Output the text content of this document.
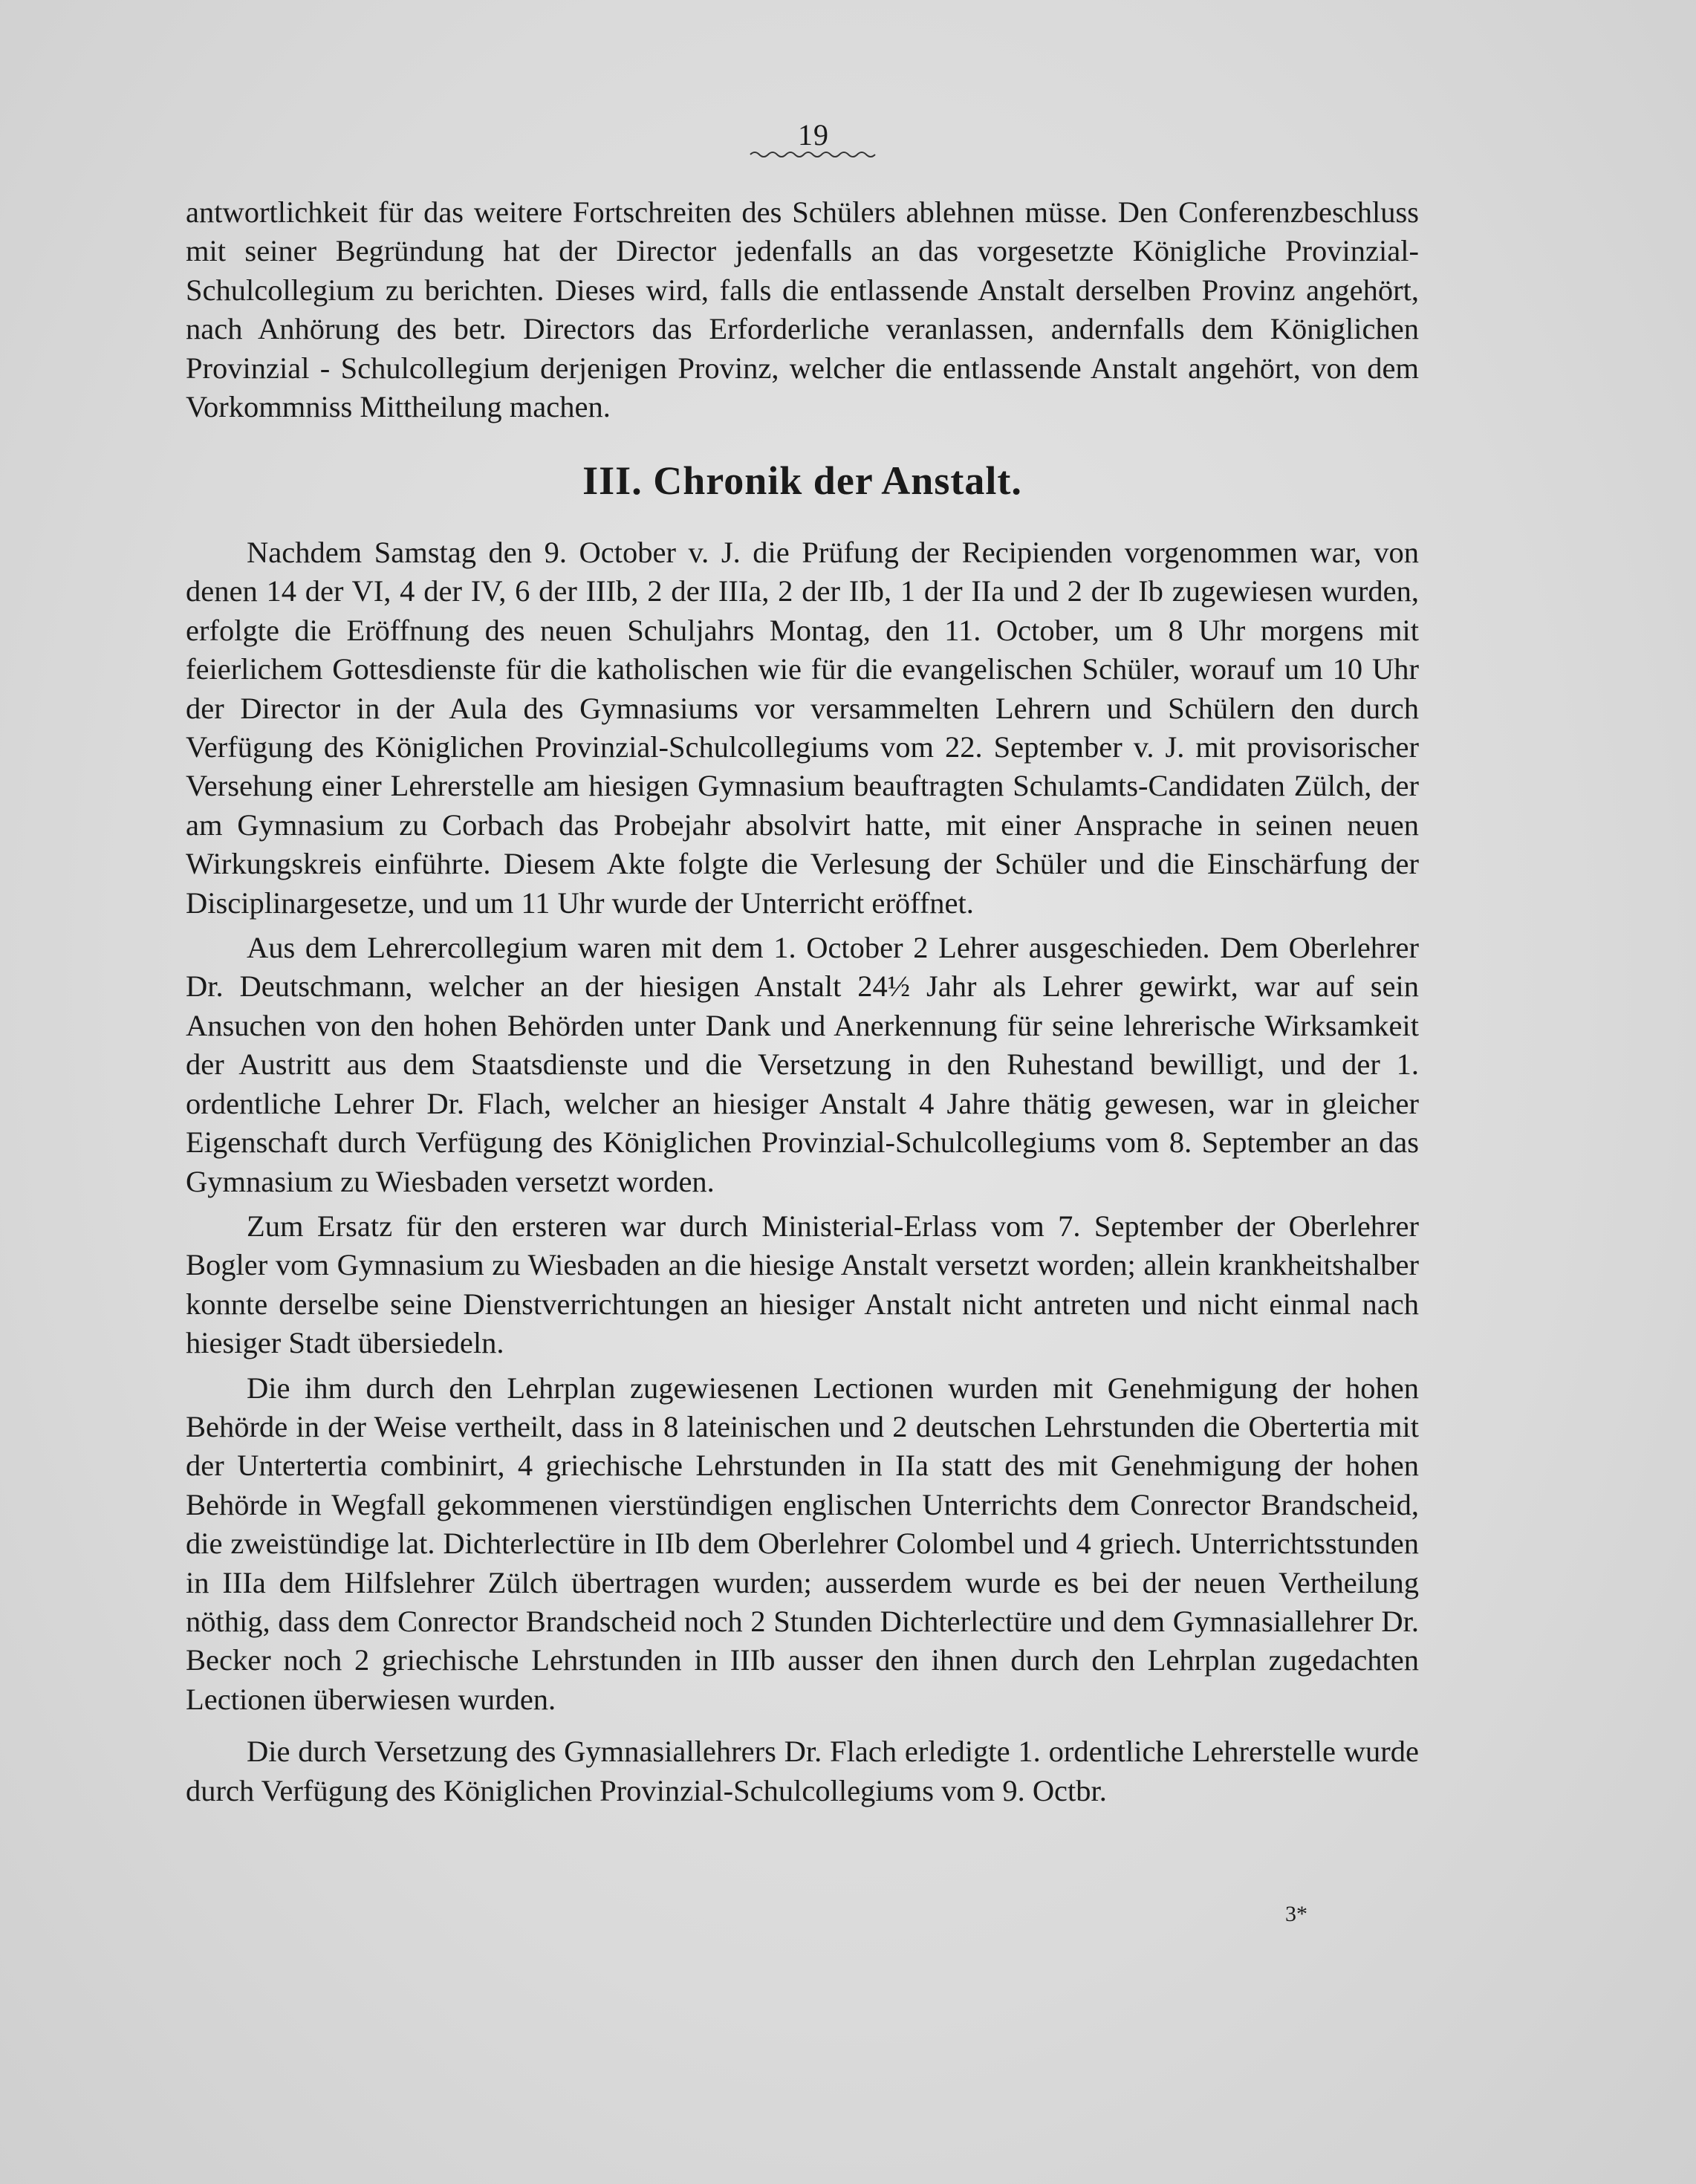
19

antwortlichkeit für das weitere Fortschreiten des Schülers ablehnen müsse. Den Conferenzbeschluss mit seiner Begründung hat der Director jedenfalls an das vorgesetzte Königliche Provinzial-Schulcollegium zu berichten. Dieses wird, falls die entlassende Anstalt derselben Provinz angehört, nach Anhörung des betr. Directors das Erforderliche veranlassen, andernfalls dem Königlichen Provinzial - Schulcollegium derjenigen Provinz, welcher die entlassende Anstalt angehört, von dem Vorkommniss Mittheilung machen.

III. Chronik der Anstalt.

Nachdem Samstag den 9. October v. J. die Prüfung der Recipienden vorgenommen war, von denen 14 der VI, 4 der IV, 6 der IIIb, 2 der IIIa, 2 der IIb, 1 der IIa und 2 der Ib zugewiesen wurden, erfolgte die Eröffnung des neuen Schuljahrs Montag, den 11. October, um 8 Uhr morgens mit feierlichem Gottesdienste für die katholischen wie für die evangelischen Schüler, worauf um 10 Uhr der Director in der Aula des Gymnasiums vor versammelten Lehrern und Schülern den durch Verfügung des Königlichen Provinzial-Schulcollegiums vom 22. September v. J. mit provisorischer Versehung einer Lehrerstelle am hiesigen Gymnasium beauftragten Schulamts-Candidaten Zülch, der am Gymnasium zu Corbach das Probejahr absolvirt hatte, mit einer Ansprache in seinen neuen Wirkungskreis einführte. Diesem Akte folgte die Verlesung der Schüler und die Einschärfung der Disciplinargesetze, und um 11 Uhr wurde der Unterricht eröffnet.

Aus dem Lehrercollegium waren mit dem 1. October 2 Lehrer ausgeschieden. Dem Oberlehrer Dr. Deutschmann, welcher an der hiesigen Anstalt 24½ Jahr als Lehrer gewirkt, war auf sein Ansuchen von den hohen Behörden unter Dank und Anerkennung für seine lehrerische Wirksamkeit der Austritt aus dem Staatsdienste und die Versetzung in den Ruhestand bewilligt, und der 1. ordentliche Lehrer Dr. Flach, welcher an hiesiger Anstalt 4 Jahre thätig gewesen, war in gleicher Eigenschaft durch Verfügung des Königlichen Provinzial-Schulcollegiums vom 8. September an das Gymnasium zu Wiesbaden versetzt worden.

Zum Ersatz für den ersteren war durch Ministerial-Erlass vom 7. September der Oberlehrer Bogler vom Gymnasium zu Wiesbaden an die hiesige Anstalt versetzt worden; allein krankheitshalber konnte derselbe seine Dienstverrichtungen an hiesiger Anstalt nicht antreten und nicht einmal nach hiesiger Stadt übersiedeln.

Die ihm durch den Lehrplan zugewiesenen Lectionen wurden mit Genehmigung der hohen Behörde in der Weise vertheilt, dass in 8 lateinischen und 2 deutschen Lehrstunden die Obertertia mit der Untertertia combinirt, 4 griechische Lehrstunden in IIa statt des mit Genehmigung der hohen Behörde in Wegfall gekommenen vierstündigen englischen Unterrichts dem Conrector Brandscheid, die zweistündige lat. Dichterlectüre in IIb dem Oberlehrer Colombel und 4 griech. Unterrichtsstunden in IIIa dem Hilfslehrer Zülch übertragen wurden; ausserdem wurde es bei der neuen Vertheilung nöthig, dass dem Conrector Brandscheid noch 2 Stunden Dichterlectüre und dem Gymnasiallehrer Dr. Becker noch 2 griechische Lehrstunden in IIIb ausser den ihnen durch den Lehrplan zugedachten Lectionen überwiesen wurden.

Die durch Versetzung des Gymnasiallehrers Dr. Flach erledigte 1. ordentliche Lehrerstelle wurde durch Verfügung des Königlichen Provinzial-Schulcollegiums vom 9. Octbr.

3*
